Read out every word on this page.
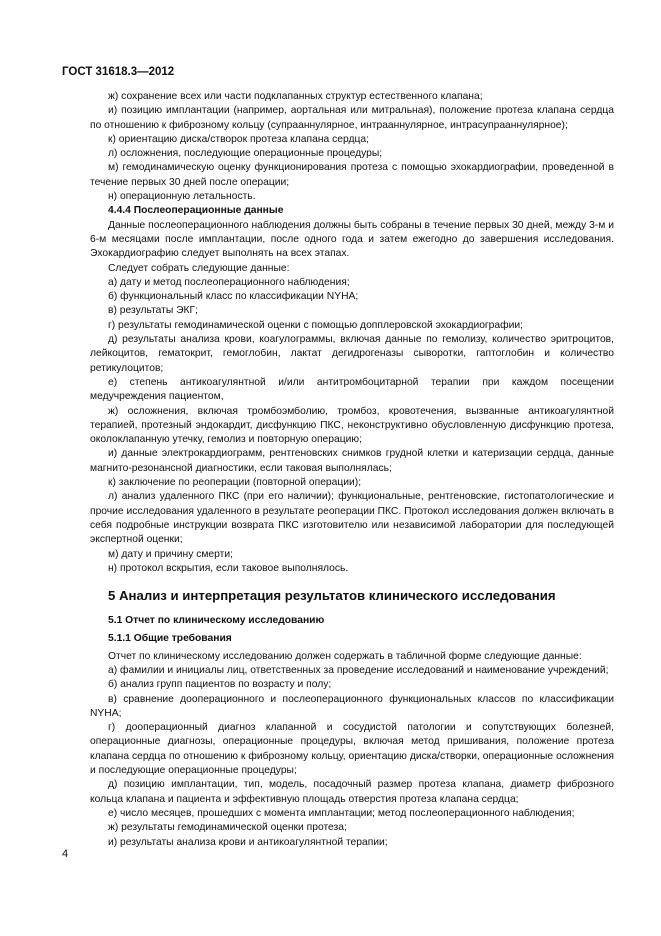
ГОСТ 31618.3—2012

ж) сохранение всех или части подклапанных структур естественного клапана;

и) позицию имплантации (например, аортальная или митральная), положение протеза клапана сердца по отношению к фиброзному кольцу (супрааннулярное, интрааннулярное, интрасупрааннулярное);

к) ориентацию диска/створок протеза клапана сердца;

л) осложнения, последующие операционные процедуры;

м) гемодинамическую оценку функционирования протеза с помощью эхокардиографии, проведенной в течение первых 30 дней после операции;

н) операционную летальность.

4.4.4 Послеоперационные данные

Данные послеоперационного наблюдения должны быть собраны в течение первых 30 дней, между 3-м и 6-м месяцами после имплантации, после одного года и затем ежегодно до завершения исследования. Эхокардиографию следует выполнять на всех этапах.

Следует собрать следующие данные:

а) дату и метод послеоперационного наблюдения;

б) функциональный класс по классификации NYHA;

в) результаты ЭКГ;

г) результаты гемодинамической оценки с помощью допплеровской эхокардиографии;

д) результаты анализа крови, коагулограммы, включая данные по гемолизу, количество эритроцитов, лейкоцитов, гематокрит, гемоглобин, лактат дегидрогеназы сыворотки, гаптоглобин и количество ретикулоцитов;

е) степень антикоагулянтной и/или антитромбоцитарной терапии при каждом посещении медучреждения пациентом,

ж) осложнения, включая тромбоэмболию, тромбоз, кровотечения, вызванные антикоагулянтной терапией, протезный эндокардит, дисфункцию ПКС, неконструктивно обусловленную дисфункцию протеза, околоклапанную утечку, гемолиз и повторную операцию;

и) данные электрокардиограмм, рентгеновских снимков грудной клетки и катеризации сердца, данные магнито-резонансной диагностики, если таковая выполнялась;

к) заключение по реоперации (повторной операции);

л) анализ удаленного ПКС (при его наличии); функциональные, рентгеновские, гистопатологические и прочие исследования удаленного в результате реоперации ПКС. Протокол исследования должен включать в себя подробные инструкции возврата ПКС изготовителю или независимой лаборатории для последующей экспертной оценки;

м) дату и причину смерти;

н) протокол вскрытия, если таковое выполнялось.

5 Анализ и интерпретация результатов клинического исследования
5.1 Отчет по клиническому исследованию
5.1.1 Общие требования

Отчет по клиническому исследованию должен содержать в табличной форме следующие данные:

а) фамилии и инициалы лиц, ответственных за проведение исследований и наименование учреждений;

б) анализ групп пациентов по возрасту и полу;

в) сравнение дооперационного и послеоперационного функциональных классов по классификации NYHA;

г) дооперационный диагноз клапанной и сосудистой патологии и сопутствующих болезней, операционные диагнозы, операционные процедуры, включая метод пришивания, положение протеза клапана сердца по отношению к фиброзному кольцу, ориентацию диска/створки, операционные осложнения и последующие операционные процедуры;

д) позицию имплантации, тип, модель, посадочный размер протеза клапана, диаметр фиброзного кольца клапана и пациента и эффективную площадь отверстия протеза клапана сердца;

е) число месяцев, прошедших с момента имплантации; метод послеоперационного наблюдения;

ж) результаты гемодинамической оценки протеза;

и) результаты анализа крови и антикоагулянтной терапии;

4
